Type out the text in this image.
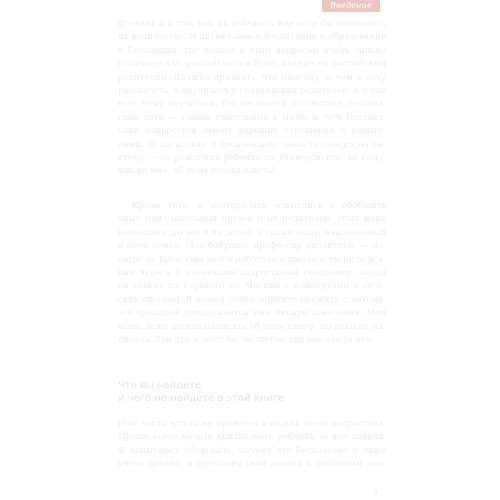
Введение
флэнтах и о том, как их избежать или хотя бы уменьшить
их количество. И пятая глава о воспитании и образовании
в Голландии, где подход к этим вопросам очень сильно
отличается от российского и будет интересен российским
родителям. Должна признать, что многому, о чем я хочу
рассказать, я научилась у голландских родителей. А у них
есть чему поучиться. По последней статистике голланд-
ские дети — самые счастливые в мире, и 70% голланд-
ских подростков имеют хорошие отношения с родите-
лями. И поскольку я досконально знаю голландскую си-
стему — от рождения ребенка до университета, то кому,
как не мне, об этом рассказывать!
Кроме того, я постаралась осмыслить и обобщить
опыт моих школьных друзей и их родителей, опыт моих
нынешних друзей и их детей, а также опыт, накопленный
в моей семье. Моя бабушка, профессор дидактики, — по-
лагог от Бога. Она долго работала в школе и творила вся-
кие чудеса с учениками-подростками (например, поход
на лыжах из Горького до Москвы с концертами в сель-
ских школах). В нашей семье принято дружить с детьми,
эта традиция продолжается уже четыре поколения. Моя
мама даже хотела написать об этом книгу, но пока не на-
писала. Так что я, хотя бы частично, сделаю это за нее.
Что вы найдете
и чего не найдете в этой книге
Нам часто что-то не нравится в наших детях-подростках.
Проще всего начать критиковать ребенка за все подряд.
Я попытаюсь объяснить, почему это бесполезно и даже
очень вредно, и предложу свой подход к типичным под-
5
